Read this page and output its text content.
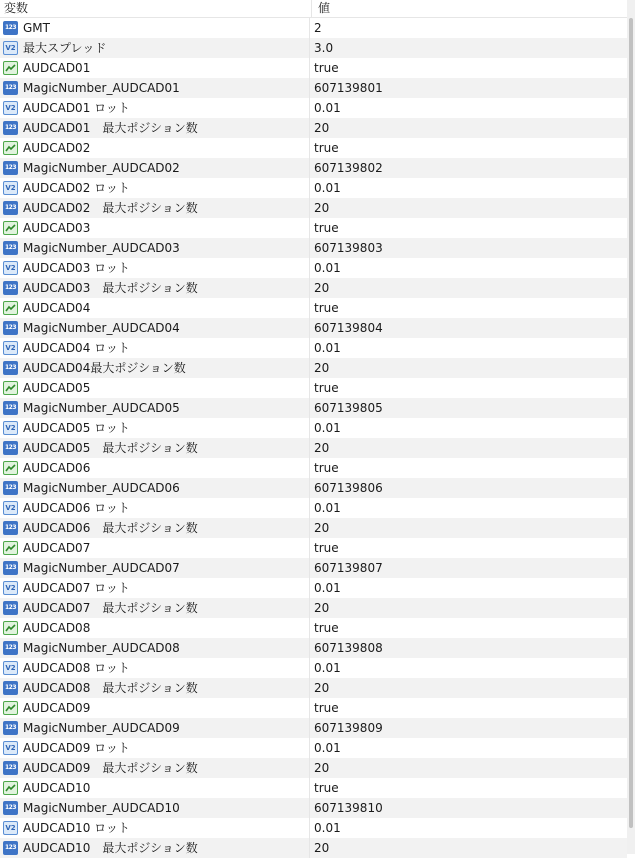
変数	値
123 GMT	2
V2 最大スプレッド	3.0
AUDCAD01	true
123 MagicNumber_AUDCAD01	607139801
V2 AUDCAD01 ロット	0.01
123 AUDCAD01　最大ポジション数	20
AUDCAD02	true
123 MagicNumber_AUDCAD02	607139802
V2 AUDCAD02 ロット	0.01
123 AUDCAD02　最大ポジション数	20
AUDCAD03	true
123 MagicNumber_AUDCAD03	607139803
V2 AUDCAD03 ロット	0.01
123 AUDCAD03　最大ポジション数	20
AUDCAD04	true
123 MagicNumber_AUDCAD04	607139804
V2 AUDCAD04 ロット	0.01
123 AUDCAD04最大ポジション数	20
AUDCAD05	true
123 MagicNumber_AUDCAD05	607139805
V2 AUDCAD05 ロット	0.01
123 AUDCAD05　最大ポジション数	20
AUDCAD06	true
123 MagicNumber_AUDCAD06	607139806
V2 AUDCAD06 ロット	0.01
123 AUDCAD06　最大ポジション数	20
AUDCAD07	true
123 MagicNumber_AUDCAD07	607139807
V2 AUDCAD07 ロット	0.01
123 AUDCAD07　最大ポジション数	20
AUDCAD08	true
123 MagicNumber_AUDCAD08	607139808
V2 AUDCAD08 ロット	0.01
123 AUDCAD08　最大ポジション数	20
AUDCAD09	true
123 MagicNumber_AUDCAD09	607139809
V2 AUDCAD09 ロット	0.01
123 AUDCAD09　最大ポジション数	20
AUDCAD10	true
123 MagicNumber_AUDCAD10	607139810
V2 AUDCAD10 ロット	0.01
123 AUDCAD10　最大ポジション数	20
